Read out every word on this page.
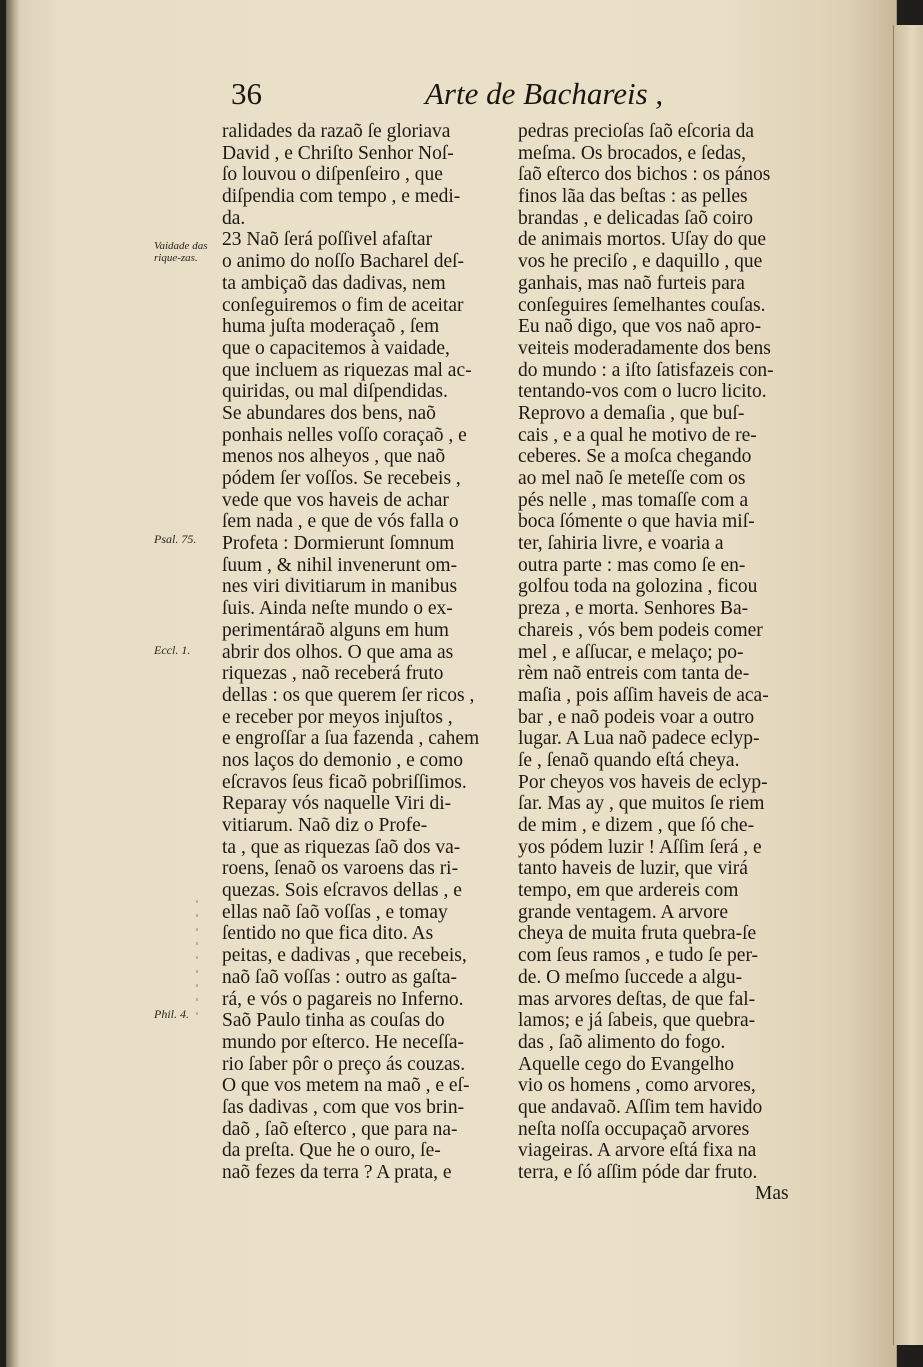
36	Arte de Bachareis ,
Vaidade das rique-zas.
Psal. 75.
Eccl. 1.
Phil. 4.
ralidades da razaõ ſe gloriava
David , e Chriſto Senhor Noſ-
ſo louvou o diſpenſeiro , que
diſpendia com tempo , e medi-
da.
23 Naõ ſerá poſſivel afaſtar
o animo do noſſo Bacharel deſ-
ta ambiçaõ das dadivas, nem
conſeguiremos o fim de aceitar
huma juſta moderaçaõ , ſem
que o capacitemos à vaidade,
que incluem as riquezas mal ac-
quiridas, ou mal diſpendidas.
Se abundares dos bens, naõ
ponhais nelles voſſo coraçaõ , e
menos nos alheyos , que naõ
pódem ſer voſſos. Se recebeis ,
vede que vos haveis de achar
ſem nada , e que de vós falla o
Profeta : Dormierunt ſomnum
ſuum , & nihil invenerunt om-
nes viri divitiarum in manibus
ſuis. Ainda neſte mundo o ex-
perimentáraõ alguns em hum
abrir dos olhos. O que ama as
riquezas , naõ receberá fruto
dellas : os que querem ſer ricos ,
e receber por meyos injuſtos ,
e engroſſar a ſua fazenda , cahem
nos laços do demonio , e como
eſcravos ſeus ficaõ pobriſſimos.
Reparay vós naquelle Viri di-
vitiarum. Naõ diz o Profe-
ta , que as riquezas ſaõ dos va-
roens, ſenaõ os varoens das ri-
quezas. Sois eſcravos dellas , e
ellas naõ ſaõ voſſas , e tomay
ſentido no que fica dito. As
peitas, e dadivas , que recebeis,
naõ ſaõ voſſas : outro as gaſta-
rá, e vós o pagareis no Inferno.
Saõ Paulo tinha as couſas do
mundo por eſterco. He neceſſa-
rio ſaber pôr o preço ás couzas.
O que vos metem na maõ , e eſ-
ſas dadivas , com que vos brin-
daõ , ſaõ eſterco , que para na-
da preſta. Que he o ouro, ſe-
naõ fezes da terra ? A prata, e
pedras precioſas ſaõ eſcoria da
meſma. Os brocados, e ſedas,
ſaõ eſterco dos bichos : os pános
finos lãa das beſtas : as pelles
brandas , e delicadas ſaõ coiro
de animais mortos. Uſay do que
vos he preciſo , e daquillo , que
ganhais, mas naõ furteis para
conſeguires ſemelhantes couſas.
Eu naõ digo, que vos naõ apro-
veiteis moderadamente dos bens
do mundo : a iſto ſatisfazeis con-
tentando-vos com o lucro licito.
Reprovo a demaſia , que buſ-
cais , e a qual he motivo de re-
ceberes. Se a moſca chegando
ao mel naõ ſe meteſſe com os
pés nelle , mas tomaſſe com a
boca ſómente o que havia miſ-
ter, ſahiria livre, e voaria a
outra parte : mas como ſe en-
golfou toda na golozina , ficou
preza , e morta. Senhores Ba-
chareis , vós bem podeis comer
mel , e aſſucar, e melaço; po-
rèm naõ entreis com tanta de-
maſia , pois aſſim haveis de aca-
bar , e naõ podeis voar a outro
lugar. A Lua naõ padece eclyp-
ſe , ſenaõ quando eſtá cheya.
Por cheyos vos haveis de eclyp-
ſar. Mas ay , que muitos ſe riem
de mim , e dizem , que ſó che-
yos pódem luzir ! Aſſim ſerá , e
tanto haveis de luzir, que virá
tempo, em que ardereis com
grande ventagem. A arvore
cheya de muita fruta quebra-ſe
com ſeus ramos , e tudo ſe per-
de. O meſmo ſuccede a algu-
mas arvores deſtas, de que fal-
lamos; e já ſabeis, que quebra-
das , ſaõ alimento do fogo.
Aquelle cego do Evangelho
vio os homens , como arvores,
que andavaõ. Aſſim tem havido
neſta noſſa occupaçaõ arvores
viageiras. A arvore eſtá fixa na
terra, e ſó aſſim póde dar fruto.
Mas
